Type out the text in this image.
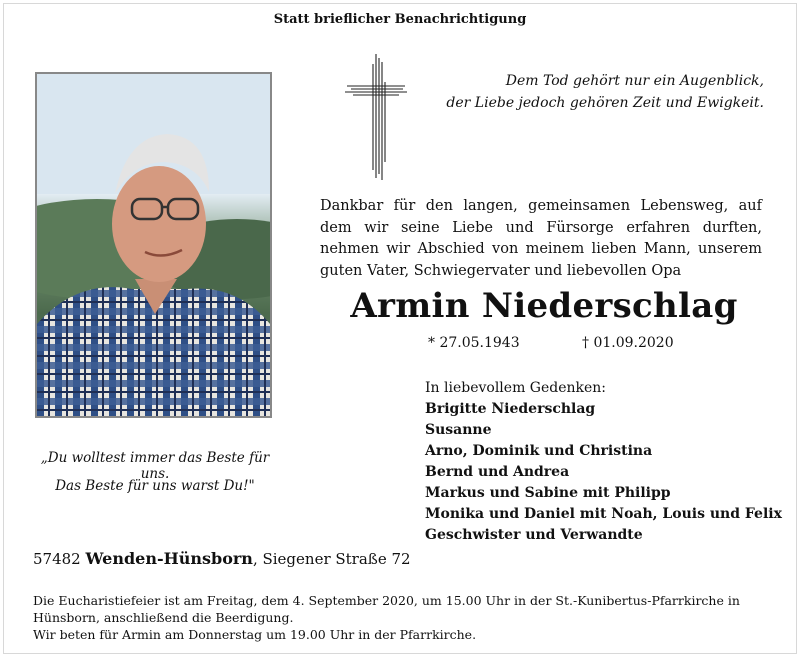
Statt brieflicher Benachrichtigung
Dem Tod gehört nur ein Augenblick,
der Liebe jedoch gehören Zeit und Ewigkeit.
Dankbar für den langen, gemeinsamen Lebensweg, auf dem wir seine Liebe und Fürsorge erfahren durften, nehmen wir Abschied von meinem lieben Mann, unserem guten Vater, Schwiegervater und liebevollen Opa
Armin Niederschlag
* 27.05.1943	† 01.09.2020
In liebevollem Gedenken:
Brigitte Niederschlag
Susanne
Arno, Dominik und Christina
Bernd und Andrea
Markus und Sabine mit Philipp
Monika und Daniel mit Noah, Louis und Felix
Geschwister und Verwandte
„Du wolltest immer das Beste für uns.
Das Beste für uns warst Du!"
57482 Wenden-Hünsborn, Siegener Straße 72

Die Eucharistiefeier ist am Freitag, dem 4. September 2020, um 15.00 Uhr in der St.-Kunibertus-Pfarrkirche in Hünsborn, anschließend die Beerdigung.

Wir beten für Armin am Donnerstag um 19.00 Uhr in der Pfarrkirche.
